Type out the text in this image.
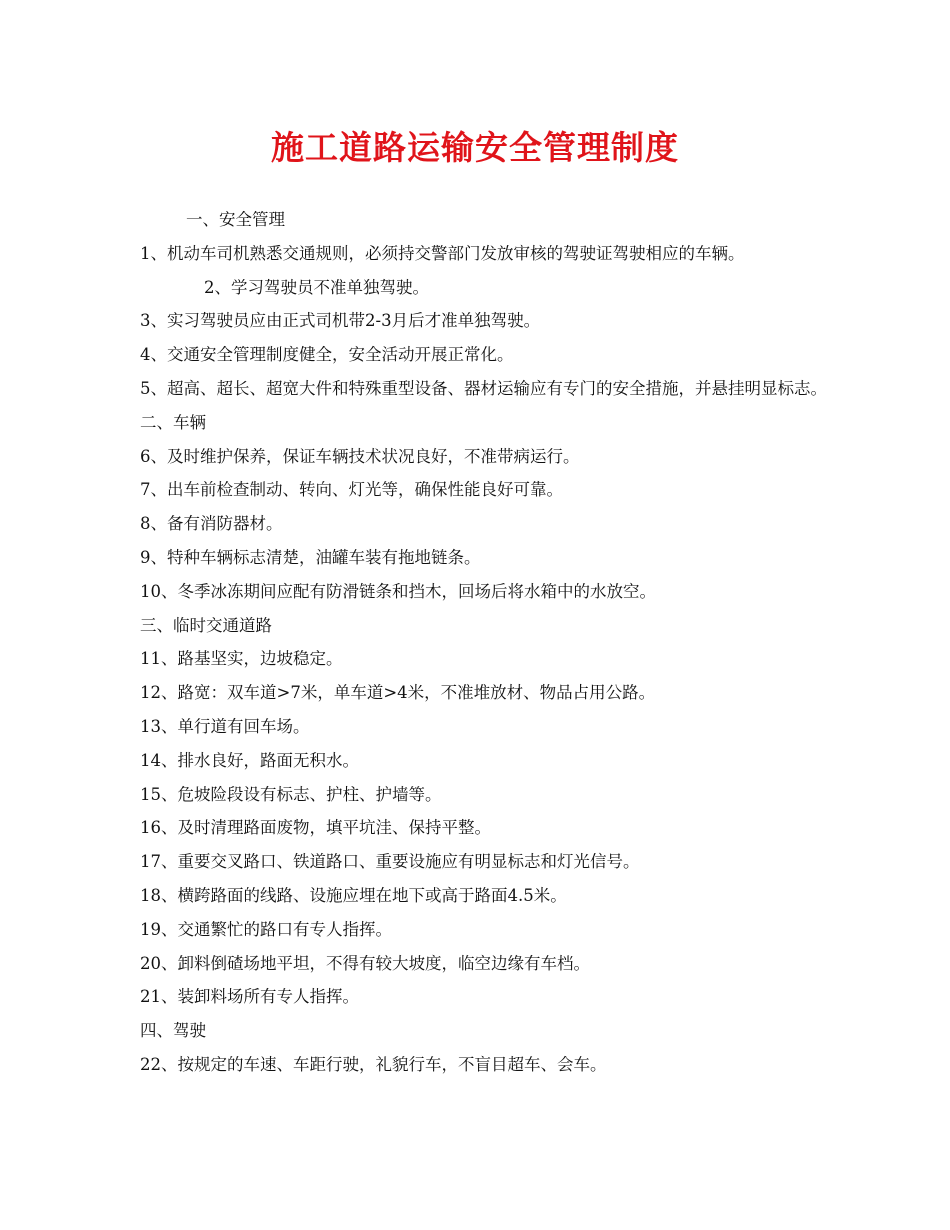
施工道路运输安全管理制度
一、安全管理
1、机动车司机熟悉交通规则，必须持交警部门发放审核的驾驶证驾驶相应的车辆。
2、学习驾驶员不准单独驾驶。
3、实习驾驶员应由正式司机带2-3月后才准单独驾驶。
4、交通安全管理制度健全，安全活动开展正常化。
5、超高、超长、超宽大件和特殊重型设备、器材运输应有专门的安全措施，并悬挂明显标志。
二、车辆
6、及时维护保养，保证车辆技术状况良好，不准带病运行。
7、出车前检查制动、转向、灯光等，确保性能良好可靠。
8、备有消防器材。
9、特种车辆标志清楚，油罐车装有拖地链条。
10、冬季冰冻期间应配有防滑链条和挡木，回场后将水箱中的水放空。
三、临时交通道路
11、路基坚实，边坡稳定。
12、路宽：双车道>7米，单车道>4米，不准堆放材、物品占用公路。
13、单行道有回车场。
14、排水良好，路面无积水。
15、危坡险段设有标志、护柱、护墙等。
16、及时清理路面废物，填平坑洼、保持平整。
17、重要交叉路口、铁道路口、重要设施应有明显标志和灯光信号。
18、横跨路面的线路、设施应埋在地下或高于路面4.5米。
19、交通繁忙的路口有专人指挥。
20、卸料倒碴场地平坦，不得有较大坡度，临空边缘有车档。
21、装卸料场所有专人指挥。
四、驾驶
22、按规定的车速、车距行驶，礼貌行车，不盲目超车、会车。
